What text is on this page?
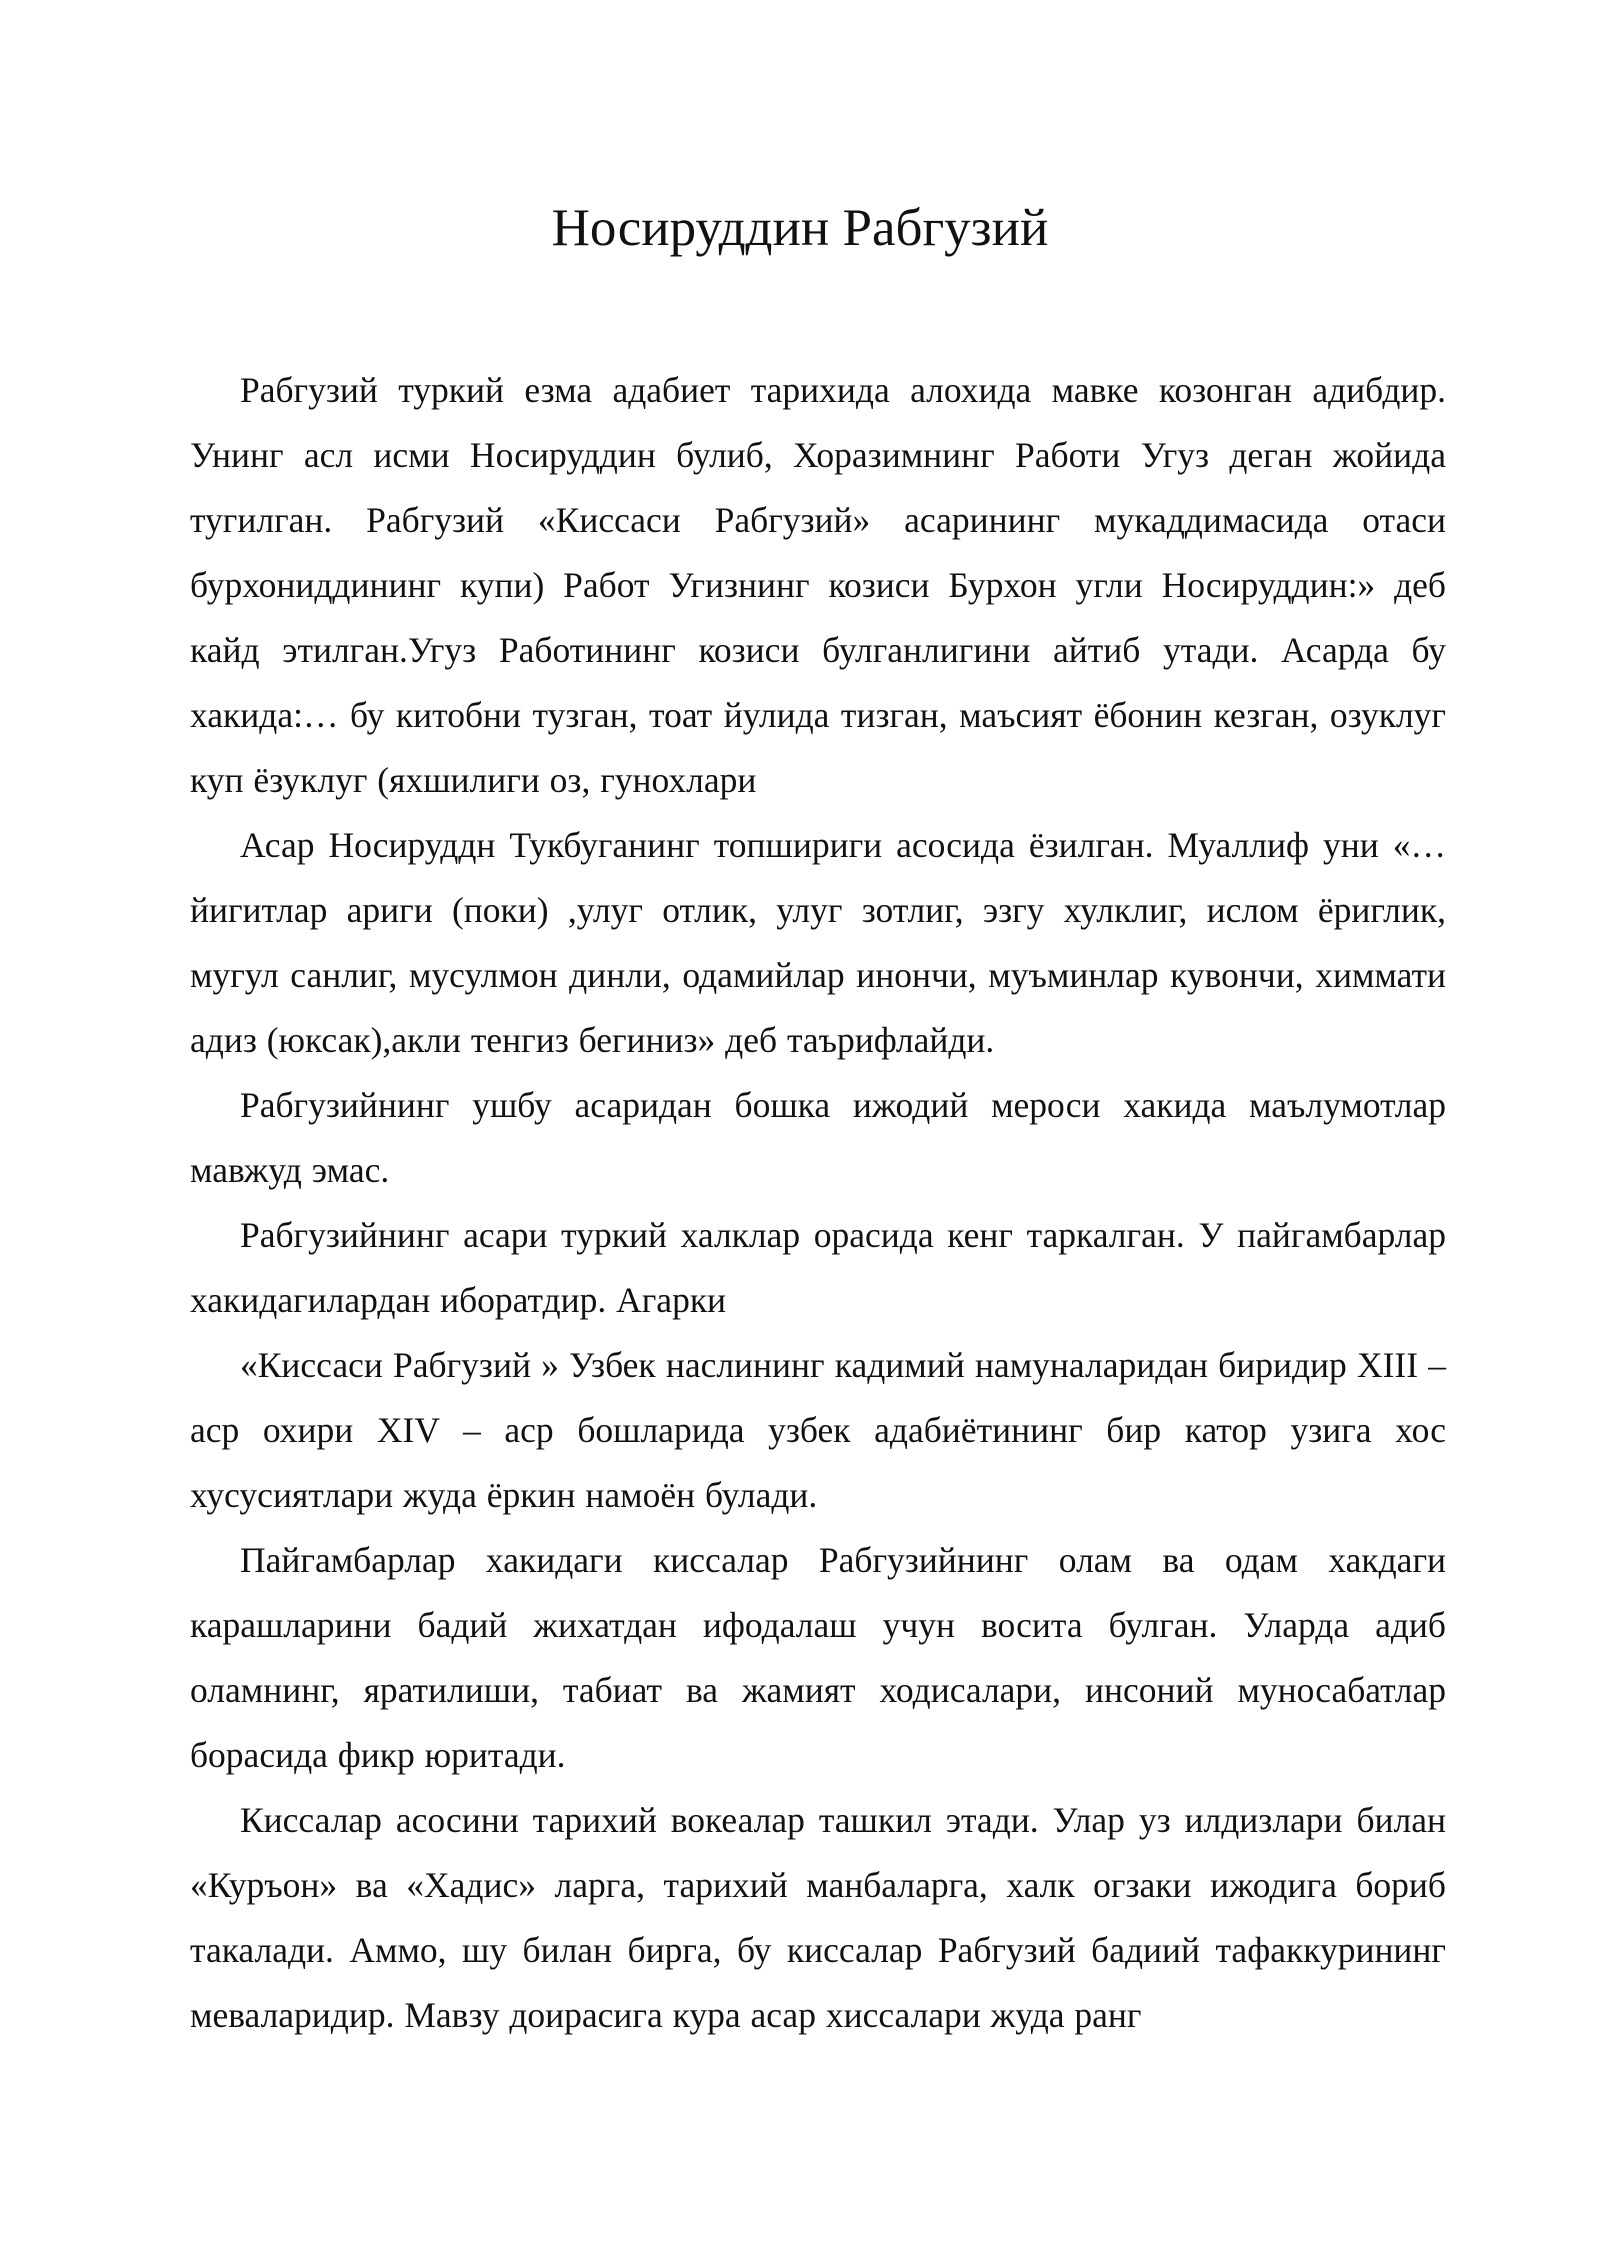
Носируддин Рабгузий

Рабгузий туркий езма адабиет тарихида алохида мавке козонган адибдир. Унинг асл исми Носируддин булиб, Хоразимнинг Работи Угуз деган жойида тугилган. Рабгузий «Киссаси Рабгузий» асарининг мукаддимасида отаси бурхониддининг купи) Работ Угизнинг козиси Бурхон угли Носируддин:» деб кайд этилган.Угуз Работининг козиси булганлигини айтиб утади. Асарда бу хакида:… бу китобни тузган, тоат йулида тизган, маъсият ёбонин кезган, озуклуг куп ёзуклуг (яхшилиги оз, гунохлари

Асар Носируддн Тукбуганинг топшириги асосида ёзилган. Муаллиф уни «…йигитлар ариги (поки) ,улуг отлик, улуг зотлиг, эзгу хулклиг, ислом ёриглик, мугул санлиг, мусулмон динли, одамийлар инончи, муъминлар кувончи, химмати адиз (юксак),акли тенгиз бегиниз» деб таърифлайди.

Рабгузийнинг ушбу асаридан бошка ижодий мероси хакида маълумотлар мавжуд эмас.

Рабгузийнинг асари туркий халклар орасида кенг таркалган. У пайгамбарлар хакидагилардан иборатдир. Агарки

«Киссаси Рабгузий » Узбек наслининг кадимий намуналаридан биридир XIII – аср охири XIV – аср бошларида узбек адабиётининг бир катор узига хос хусусиятлари жуда ёркин намоён булади.

Пайгамбарлар хакидаги киссалар Рабгузийнинг олам ва одам хакдаги карашларини бадий жихатдан ифодалаш учун восита булган. Уларда адиб оламнинг, яратилиши, табиат ва жамият ходисалари, инсоний муносабатлар борасида фикр юритади.

Киссалар асосини тарихий вокеалар ташкил этади. Улар уз илдизлари билан «Куръон» ва «Хадис» ларга, тарихий манбаларга, халк огзаки ижодига бориб такалади. Аммо, шу билан бирга, бу киссалар Рабгузий бадиий тафаккурининг меваларидир. Мавзу доирасига кура асар хиссалари жуда ранг
